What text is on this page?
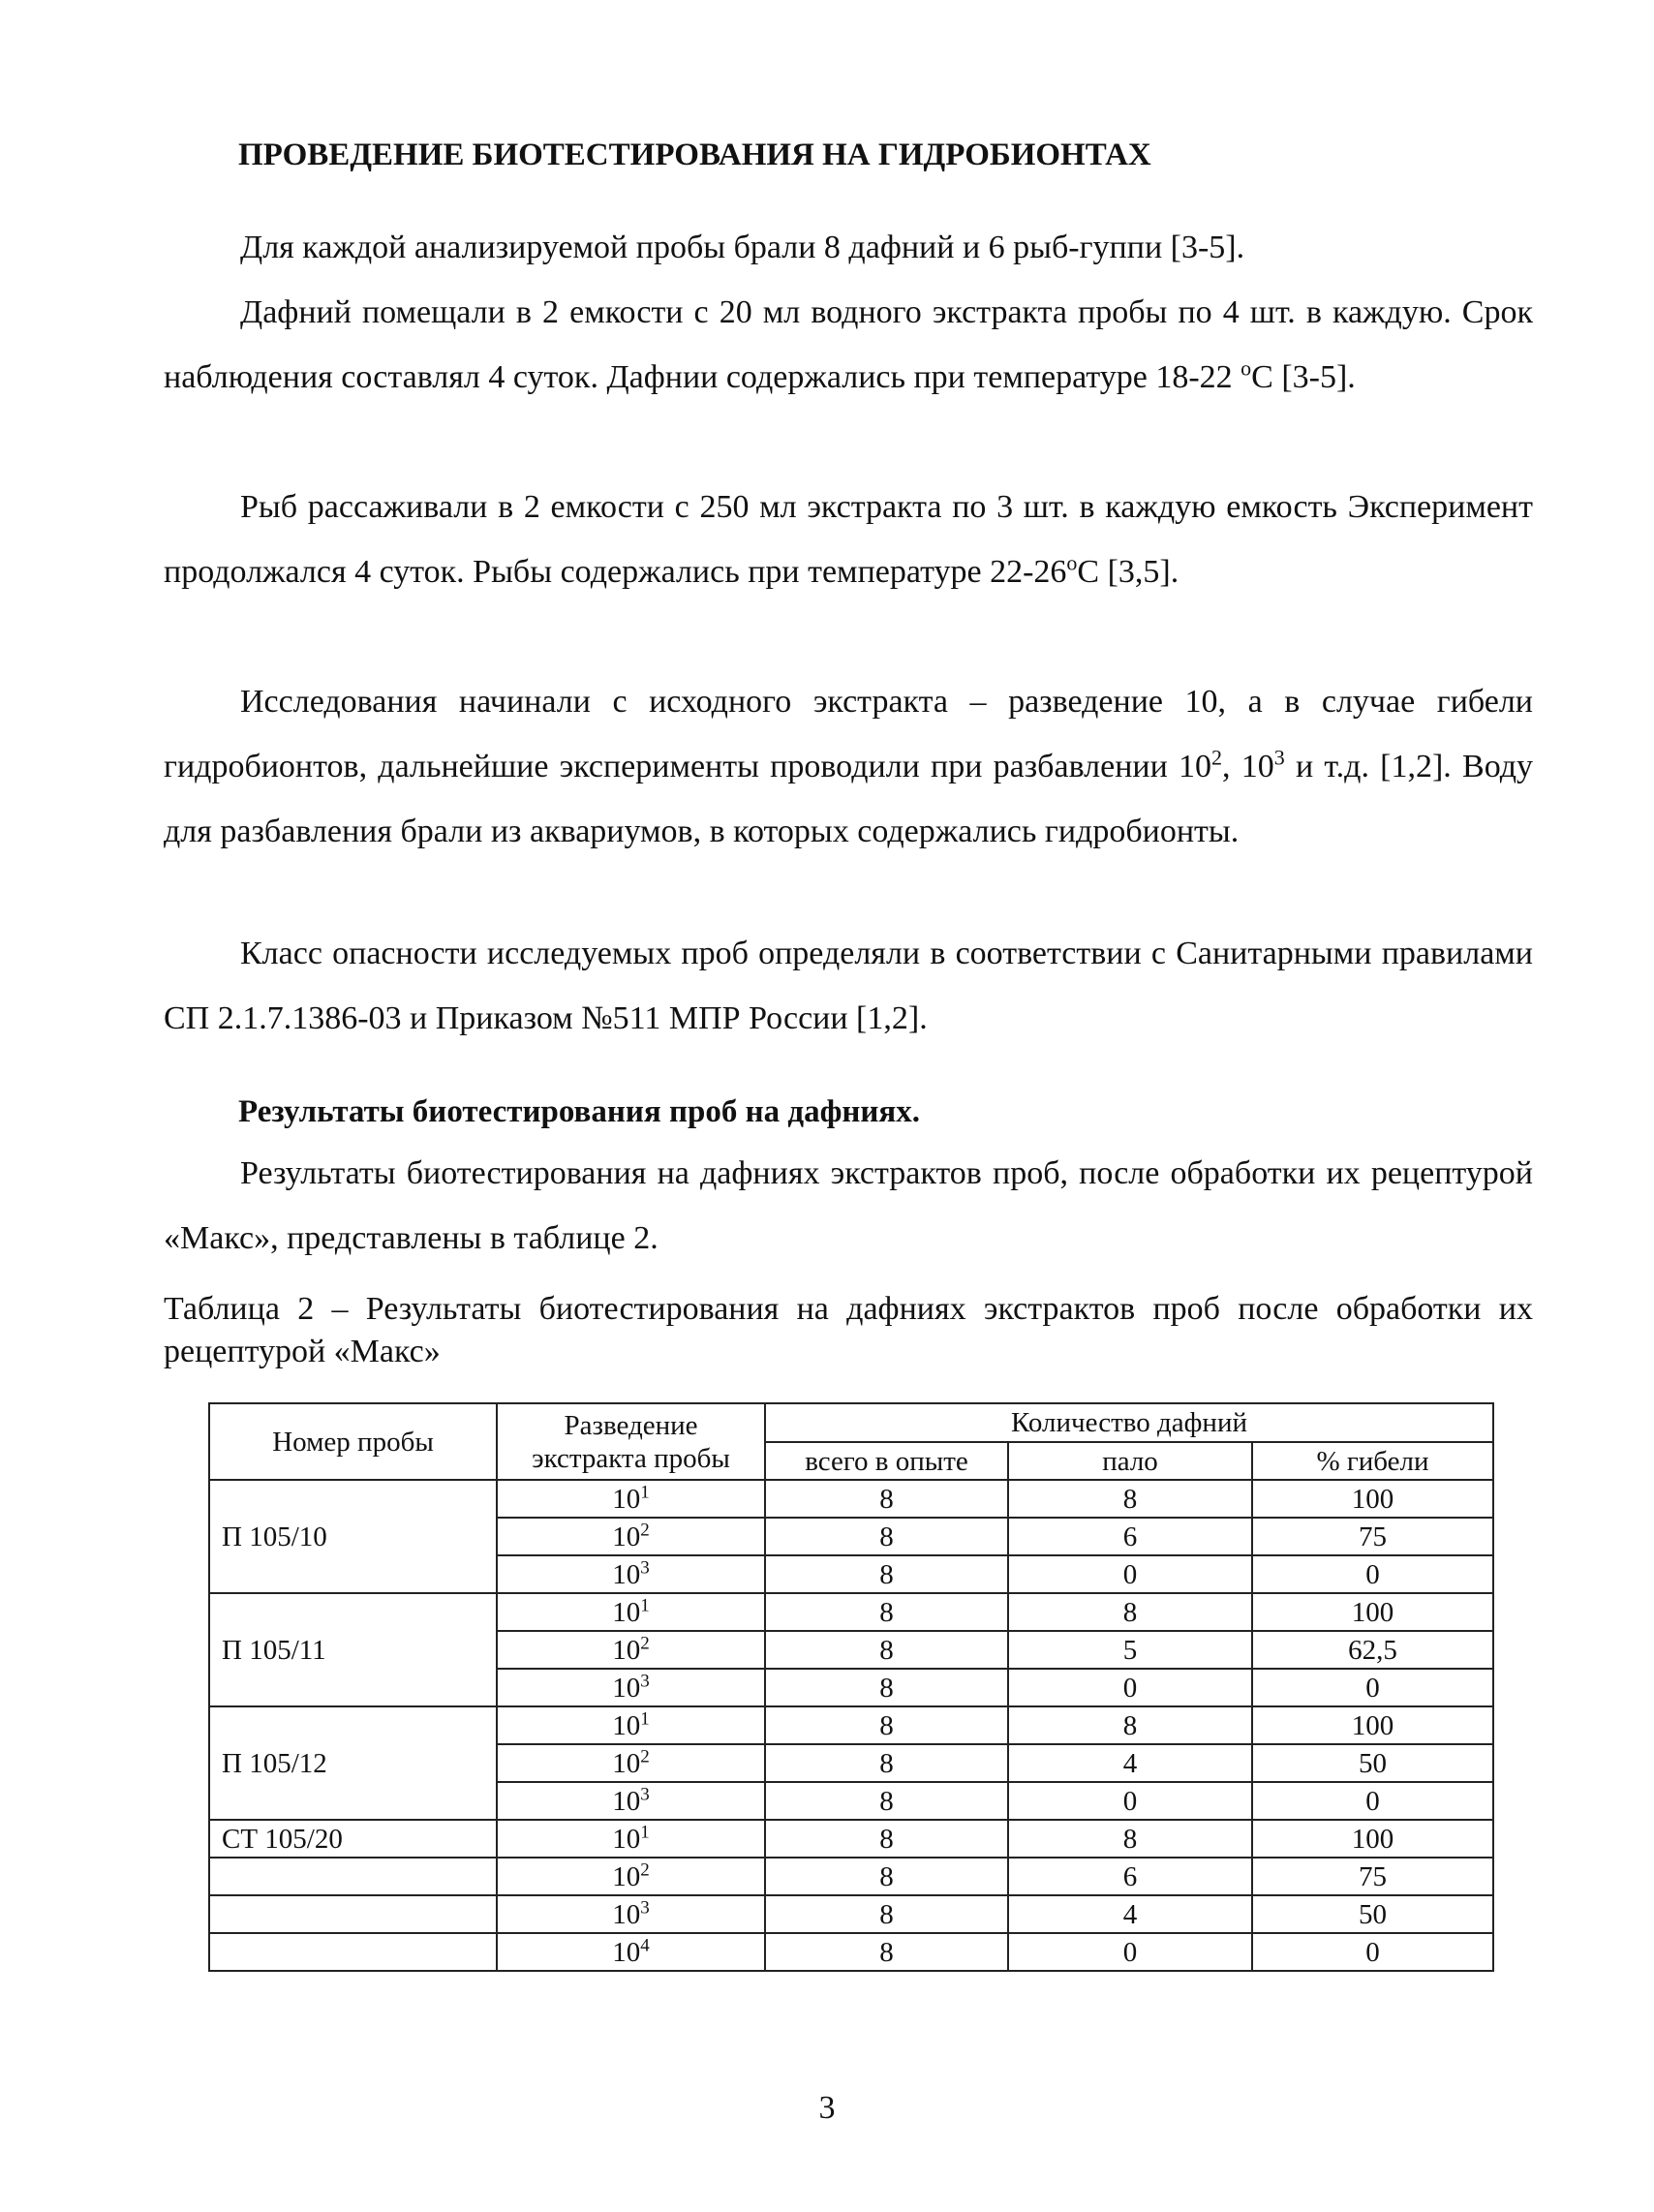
ПРОВЕДЕНИЕ БИОТЕСТИРОВАНИЯ НА ГИДРОБИОНТАХ
Для каждой анализируемой пробы брали 8 дафний и 6 рыб-гуппи [3-5].
Дафний помещали в 2 емкости с 20 мл водного экстракта пробы по 4 шт. в каждую. Срок наблюдения составлял 4 суток. Дафнии содержались при температуре 18-22 $^o$С [3-5].
Рыб рассаживали в 2 емкости с 250 мл экстракта по 3 шт. в каждую емкость Эксперимент продолжался 4 суток. Рыбы содержались при температуре 22-26$^o$С [3,5].
Исследования начинали с исходного экстракта – разведение 10, а в случае гибели гидробионтов, дальнейшие эксперименты проводили при разбавлении $10^2$, $10^3$ и т.д. [1,2]. Воду для разбавления брали из аквариумов, в которых содержались гидробионты.
Класс опасности исследуемых проб определяли в соответствии с Санитарными правилами СП 2.1.7.1386-03 и Приказом №511 МПР России [1,2].
Результаты биотестирования проб на дафниях.
Результаты биотестирования на дафниях экстрактов проб, после обработки их рецептурой «Макс», представлены в таблице 2.
Таблица 2 – Результаты биотестирования на дафниях экстрактов проб после обработки их рецептурой «Макс»
Номер пробы	Разведение экстракта пробы	Количество дафний		
		всего в опыте	пало	% гибели
П 105/10	$10^1$	8	8	100
	$10^2$	8	6	75
	$10^3$	8	0	0
П 105/11	$10^1$	8	8	100
	$10^2$	8	5	62,5
	$10^3$	8	0	0
П 105/12	$10^1$	8	8	100
	$10^2$	8	4	50
	$10^3$	8	0	0
СТ 105/20	$10^1$	8	8	100
	$10^2$	8	6	75
	$10^3$	8	4	50
	$10^4$	8	0	0
3
